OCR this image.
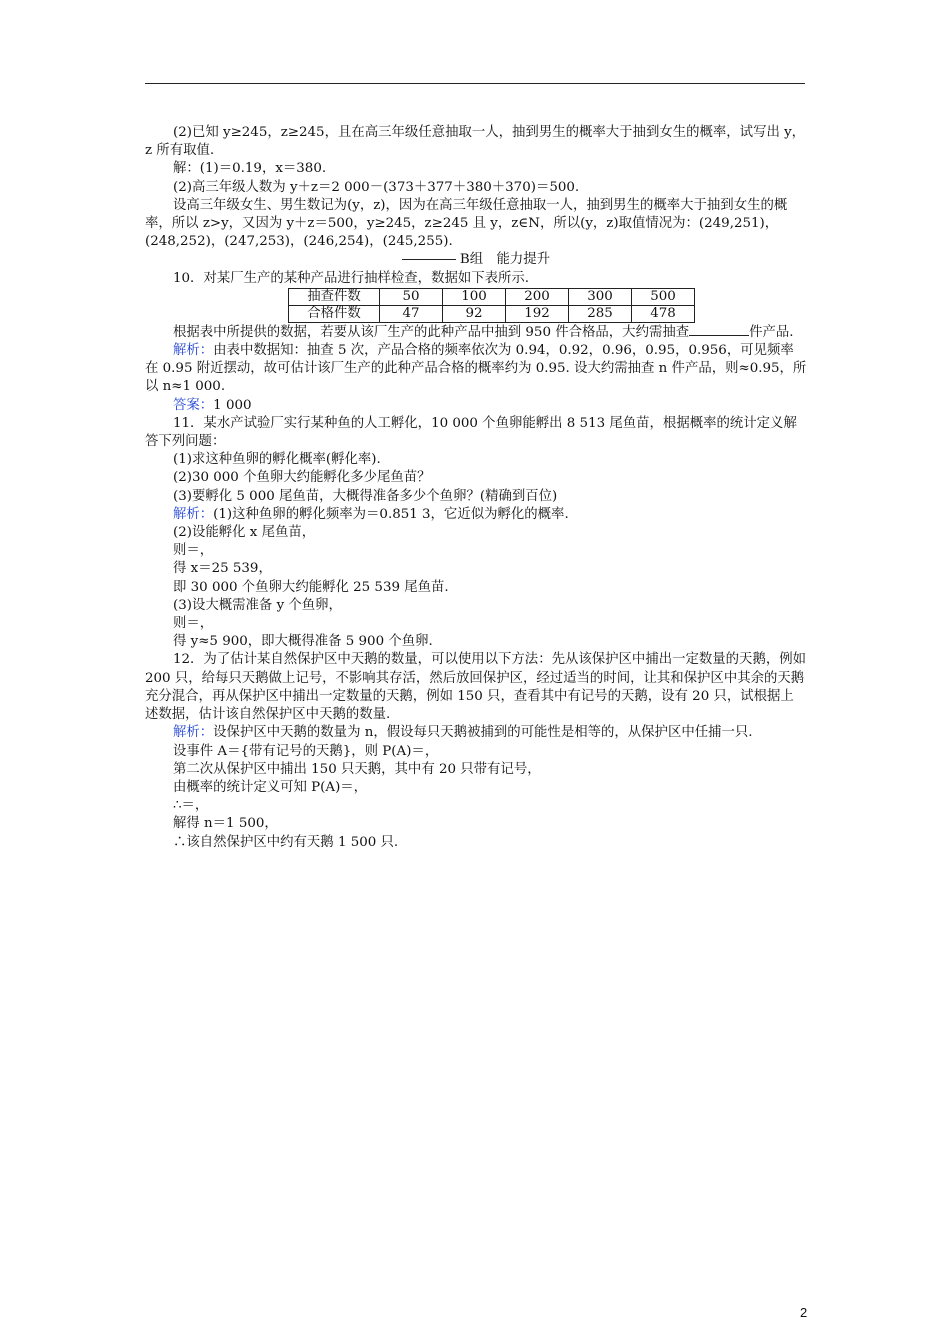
(2)已知 y≥245，z≥245，且在高三年级任意抽取一人，抽到男生的概率大于抽到女生的概率，试写出 y，z 所有取值.

解：(1)＝0.19，x＝380.

(2)高三年级人数为 y＋z＝2 000－(373＋377＋380＋370)＝500.

设高三年级女生、男生数记为(y，z)，因为在高三年级任意抽取一人，抽到男生的概率大于抽到女生的概率，所以 z>y，又因为 y＋z＝500，y≥245，z≥245 且 y，z∈N，所以(y，z)取值情况为：(249,251)，(248,252)，(247,253)，(246,254)，(245,255).

B组　能力提升

10．对某厂生产的某种产品进行抽样检查，数据如下表所示.

抽查件数	50	100	200	300	500
合格件数	47	92	192	285	478

根据表中所提供的数据，若要从该厂生产的此种产品中抽到 950 件合格品，大约需抽查	件产品.

解析：由表中数据知：抽查 5 次，产品合格的频率依次为 0.94，0.92，0.96，0.95，0.956，可见频率在 0.95 附近摆动，故可估计该厂生产的此种产品合格的概率约为 0.95. 设大约需抽查 n 件产品，则≈0.95，所以 n≈1 000.

答案：1 000

11．某水产试验厂实行某种鱼的人工孵化，10 000 个鱼卵能孵出 8 513 尾鱼苗，根据概率的统计定义解答下列问题：

(1)求这种鱼卵的孵化概率(孵化率).

(2)30 000 个鱼卵大约能孵化多少尾鱼苗？

(3)要孵化 5 000 尾鱼苗，大概得准备多少个鱼卵？(精确到百位)

解析：(1)这种鱼卵的孵化频率为＝0.851 3，它近似为孵化的概率.

(2)设能孵化 x 尾鱼苗，

则＝，

得 x＝25 539，

即 30 000 个鱼卵大约能孵化 25 539 尾鱼苗.

(3)设大概需准备 y 个鱼卵，

则＝，

得 y≈5 900，即大概得准备 5 900 个鱼卵.

12．为了估计某自然保护区中天鹅的数量，可以使用以下方法：先从该保护区中捕出一定数量的天鹅，例如 200 只，给每只天鹅做上记号，不影响其存活，然后放回保护区，经过适当的时间，让其和保护区中其余的天鹅充分混合，再从保护区中捕出一定数量的天鹅，例如 150 只，查看其中有记号的天鹅，设有 20 只，试根据上述数据，估计该自然保护区中天鹅的数量.

解析：设保护区中天鹅的数量为 n，假设每只天鹅被捕到的可能性是相等的，从保护区中任捕一只.

设事件 A＝{带有记号的天鹅}，则 P(A)＝，

第二次从保护区中捕出 150 只天鹅，其中有 20 只带有记号，

由概率的统计定义可知 P(A)＝，

∴＝，

解得 n＝1 500，

∴该自然保护区中约有天鹅 1 500 只.

2
